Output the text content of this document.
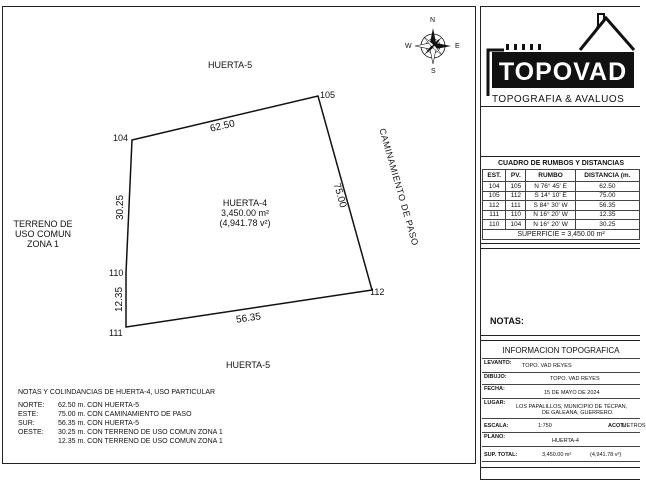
N
S
E
W
HUERTA-5
HUERTA-5
TERRENO DE
USO COMUN
ZONA 1	CAMINAMIENTO DE PASO
HUERTA-4
3,450.00 m²
(4,941.78 v²)
104
105
112
111
110
62.50
75.00
56.35
30.25
12.35
NOTAS Y COLINDANCIAS DE HUERTA-4, USO PARTICULAR
NORTE:	62.50 m. CON HUERTA-5
ESTE:	75.00 m. CON CAMINAMIENTO DE PASO
SUR:	56.35 m. CON HUERTA-5
OESTE:	30.25 m. CON TERRENO DE USO COMUN ZONA 1
12.35 m. CON TERRENO DE USO COMUN ZONA 1
TOPOVAD
TOPOGRAFIA & AVALUOS
CUADRO DE RUMBOS Y DISTANCIAS
EST.	PV.	RUMBO	DISTANCIA (m.
104	105	N 76° 45' E	62.50
105	112	S 14° 10' E	75.00
112	111	S 84° 30' W	56.35
111	110	N 16° 20' W	12.35
110	104	N 16° 20' W	30.25
SUPERFICIE = 3,450.00 m²
NOTAS:
INFORMACION TOPOGRAFICA
LEVANTO: TOPO. VAD REYES
DIBUJO:	TOPO. VAD REYES
FECHA:
15 DE MAYO DE 2024
LUGAR:
LOS PAPALILLOS, MUNICIPIO DE TÉCPAN,
DE GALEANA, GUERRERO.
ESCALA:	1:750	ACOT.:
METROS
PLANO:
HUERTA-4
SUP. TOTAL:	3,450.00 m²	(4,941.78 v²)
